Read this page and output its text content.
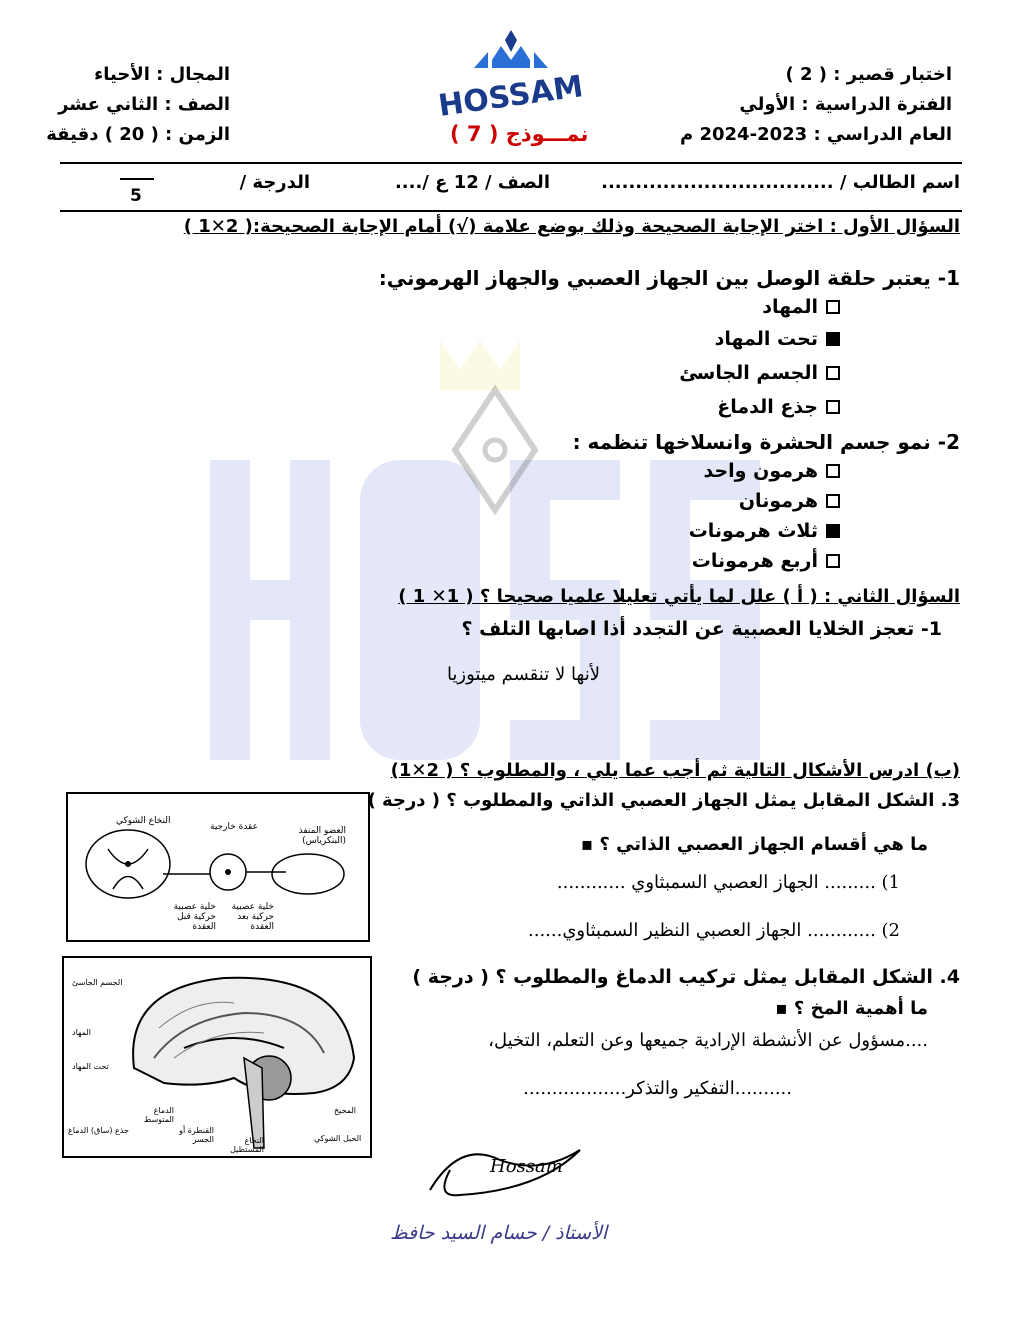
HOSSAM	اختبار قصير : ( 2 )
الفترة الدراسية : الأولي
العام الدراسي : 2023-2024 م
المجال : الأحياء
الصف : الثاني عشر
الزمن : ( 20 ) دقيقة	نمـــوذج ( 7 )
اسم الطالب / ..................................
الصف / 12 ع /....
الدرجة /
5
السؤال الأول : اختر الإجابة الصحيحة وذلك بوضع علامة (√) أمام الإجابة الصحيحة:( 2✕1 )
1- يعتبر حلقة الوصل بين الجهاز العصبي والجهاز الهرموني:
المهاد
تحت المهاد
الجسم الجاسئ
جذع الدماغ
2- نمو جسم الحشرة وانسلاخها تنظمه :
هرمون واحد
هرمونان
ثلاث هرمونات
أربع هرمونات
السؤال الثاني : ( أ ) علل لما يأتي تعليلا علميا صحيحا ؟ ( 1✕ 1 )
1- تعجز الخلايا العصبية عن التجدد أذا اصابها التلف ؟
لأنها لا تنقسم ميتوزيا
(ب) ادرس الأشكال التالية ثم أجب عما يلي ، والمطلوب ؟ ( 2✕1)
3. الشكل المقابل يمثل الجهاز العصبي الذاتي والمطلوب ؟ ( درجة )
ما هي أقسام الجهاز العصبي الذاتي ؟ ▪
1) ......... الجهاز العصبي السمبثاوي ............
2) ............ الجهاز العصبي النظير السمبثاوي......
4. الشكل المقابل يمثل تركيب الدماغ والمطلوب ؟ ( درجة )
ما أهمية المخ ؟ ▪
....مسؤول عن الأنشطة الإرادية جميعها وعن التعلم، التخيل،
..........التفكير والتذكر..................
النخاع الشوكي
عقدة خارجية	العضو المنفذ (البنكرياس)
خلية عصبية حركية قبل العقدة
خلية عصبية حركية بعد العقدة
الجسم الجاسئ
المهاد
تحت المهاد
الدماغ المتوسط
القنطرة أو الجسر	النخاع المستطيل
جذع (ساق) الدماغ
المخيخ
الحبل الشوكي
Hossam
الأستاذ / حسام السيد حافظ
